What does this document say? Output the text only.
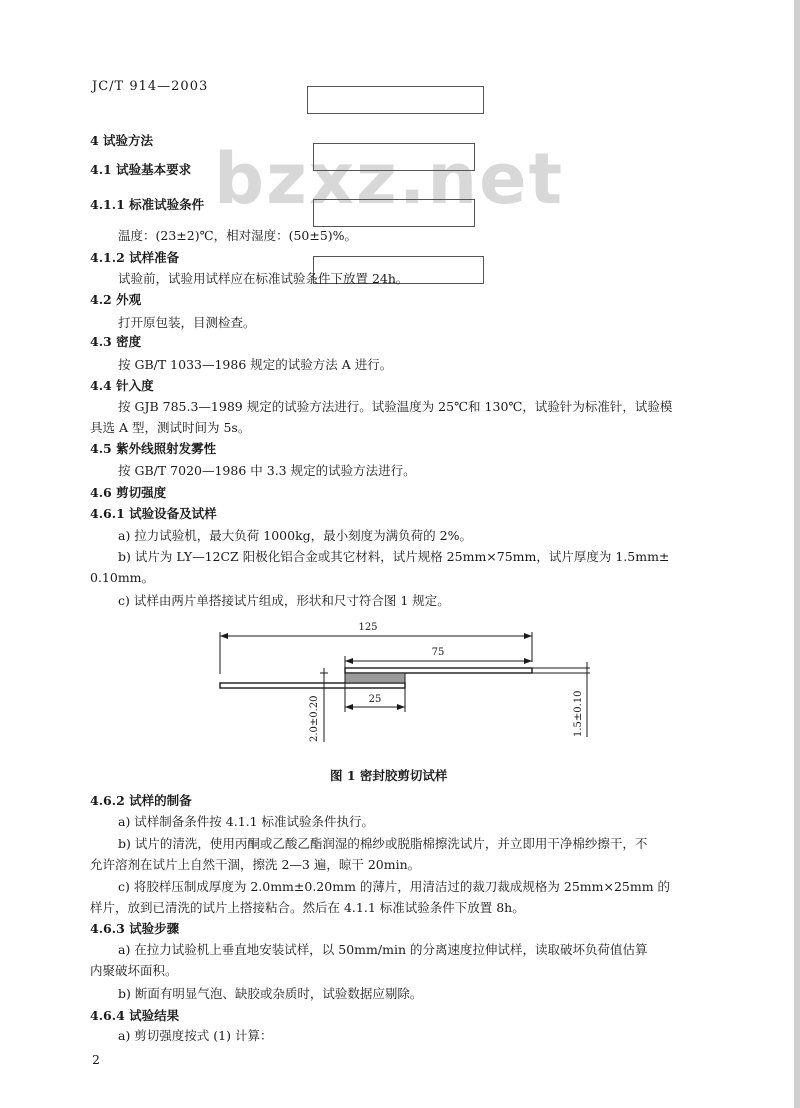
bzxz.net
JC/T 914—2003
4 试验方法
4.1 试验基本要求
4.1.1 标准试验条件
温度：(23±2)℃，相对湿度：(50±5)%。
4.1.2 试样准备
试验前，试验用试样应在标准试验条件下放置 24h。
4.2 外观
打开原包装，目测检查。
4.3 密度
按 GB/T 1033—1986 规定的试验方法 A 进行。
4.4 针入度
按 GJB 785.3—1989 规定的试验方法进行。试验温度为 25℃和 130℃，试验针为标准针，试验模
具选 A 型，测试时间为 5s。
4.5 紫外线照射发雾性
按 GB/T 7020—1986 中 3.3 规定的试验方法进行。
4.6 剪切强度
4.6.1 试验设备及试样
a) 拉力试验机，最大负荷 1000kg，最小刻度为满负荷的 2%。
b) 试片为 LY—12CZ 阳极化铝合金或其它材料，试片规格 25mm×75mm，试片厚度为 1.5mm±
0.10mm。
c) 试样由两片单搭接试片组成，形状和尺寸符合图 1 规定。
125
75
25
2.0±0.20	1.5±0.10
图 1 密封胶剪切试样
4.6.2 试样的制备
a) 试样制备条件按 4.1.1 标准试验条件执行。
b) 试片的清洗，使用丙酮或乙酸乙酯润湿的棉纱或脱脂棉擦洗试片，并立即用干净棉纱擦干，不
允许溶剂在试片上自然干涸，擦洗 2—3 遍，晾干 20min。
c) 将胶样压制成厚度为 2.0mm±0.20mm 的薄片，用清洁过的裁刀裁成规格为 25mm×25mm 的
样片，放到已清洗的试片上搭接粘合。然后在 4.1.1 标准试验条件下放置 8h。
4.6.3 试验步骤
a) 在拉力试验机上垂直地安装试样，以 50mm/min 的分离速度拉伸试样，读取破坏负荷值估算
内聚破坏面积。
b) 断面有明显气泡、缺胶或杂质时，试验数据应剔除。
4.6.4 试验结果
a) 剪切强度按式 (1) 计算：
2
